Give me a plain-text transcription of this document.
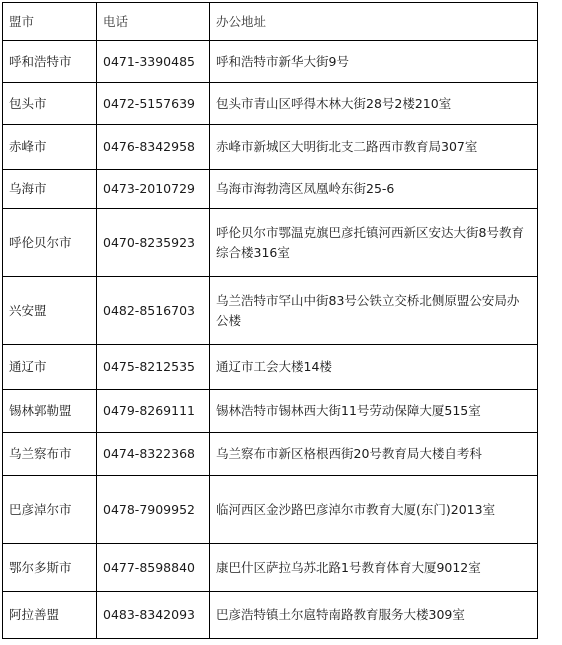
盟市	电话	办公地址
呼和浩特市	0471-3390485	呼和浩特市新华大街9号
包头市	0472-5157639	包头市青山区呼得木林大街28号2楼210室
赤峰市	0476-8342958	赤峰市新城区大明街北支二路西市教育局307室
乌海市	0473-2010729	乌海市海勃湾区凤凰岭东街25-6
呼伦贝尔市	0470-8235923	呼伦贝尔市鄂温克旗巴彦托镇河西新区安达大街8号教育综合楼316室
兴安盟	0482-8516703	乌兰浩特市罕山中街83号公铁立交桥北侧原盟公安局办公楼
通辽市	0475-8212535	通辽市工会大楼14楼
锡林郭勒盟	0479-8269111	锡林浩特市锡林西大街11号劳动保障大厦515室
乌兰察布市	0474-8322368	乌兰察布市新区格根西街20号教育局大楼自考科
巴彦淖尔市	0478-7909952	临河西区金沙路巴彦淖尔市教育大厦(东门)2013室
鄂尔多斯市	0477-8598840	康巴什区萨拉乌苏北路1号教育体育大厦9012室
阿拉善盟	0483-8342093	巴彦浩特镇土尔扈特南路教育服务大楼309室
